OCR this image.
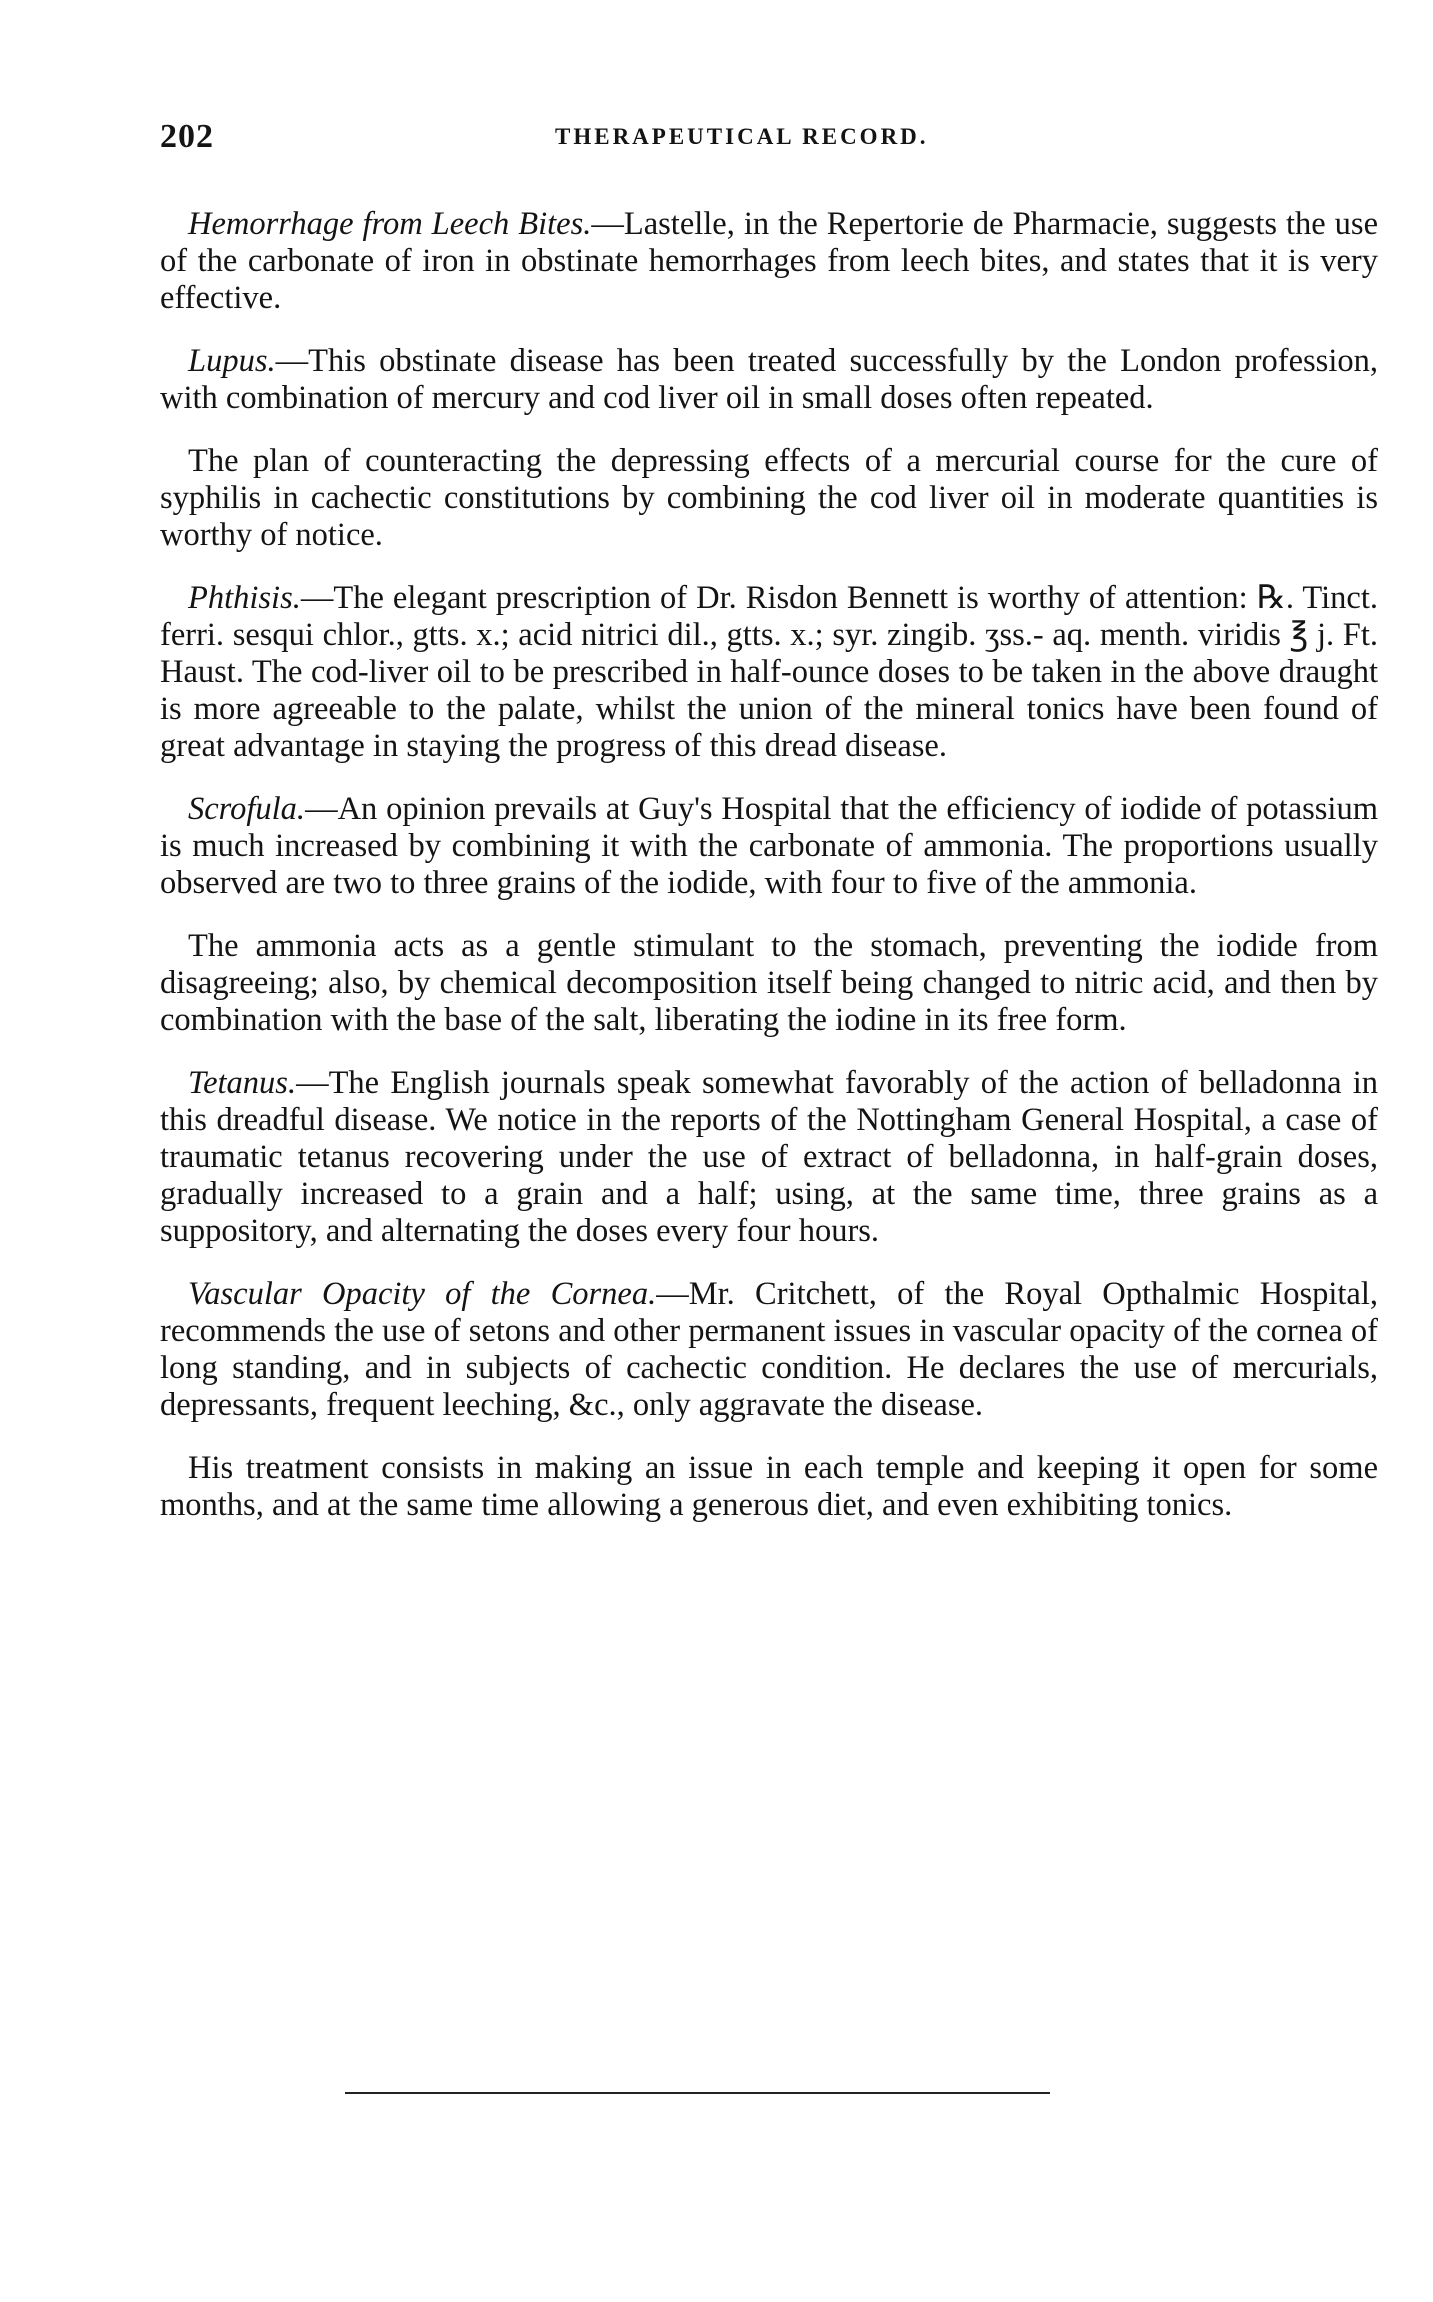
202	THERAPEUTICAL RECORD.

Hemorrhage from Leech Bites.—Lastelle, in the Repertorie de Pharmacie, suggests the use of the carbonate of iron in obstinate hemorrhages from leech bites, and states that it is very effective.

Lupus.—This obstinate disease has been treated successfully by the London profession, with combination of mercury and cod liver oil in small doses often repeated.

The plan of counteracting the depressing effects of a mercurial course for the cure of syphilis in cachectic constitutions by combining the cod liver oil in moderate quantities is worthy of notice.

Phthisis.—The elegant prescription of Dr. Risdon Bennett is worthy of attention: ℞. Tinct. ferri. sesqui chlor., gtts. x.; acid nitrici dil., gtts. x.; syr. zingib. ʒss.- aq. menth. viridis ℥ j. Ft. Haust. The cod-liver oil to be prescribed in half-ounce doses to be taken in the above draught is more agreeable to the palate, whilst the union of the mineral tonics have been found of great advantage in staying the progress of this dread disease.

Scrofula.—An opinion prevails at Guy's Hospital that the efficiency of iodide of potassium is much increased by combining it with the carbonate of ammonia. The proportions usually observed are two to three grains of the iodide, with four to five of the ammonia.

The ammonia acts as a gentle stimulant to the stomach, preventing the iodide from disagreeing; also, by chemical decomposition itself being changed to nitric acid, and then by combination with the base of the salt, liberating the iodine in its free form.

Tetanus.—The English journals speak somewhat favorably of the action of belladonna in this dreadful disease. We notice in the reports of the Nottingham General Hospital, a case of traumatic tetanus recovering under the use of extract of belladonna, in half-grain doses, gradually increased to a grain and a half; using, at the same time, three grains as a suppository, and alternating the doses every four hours.

Vascular Opacity of the Cornea.—Mr. Critchett, of the Royal Opthalmic Hospital, recommends the use of setons and other permanent issues in vascular opacity of the cornea of long standing, and in subjects of cachectic condition. He declares the use of mercurials, depressants, frequent leeching, &c., only aggravate the disease.

His treatment consists in making an issue in each temple and keeping it open for some months, and at the same time allowing a generous diet, and even exhibiting tonics.
